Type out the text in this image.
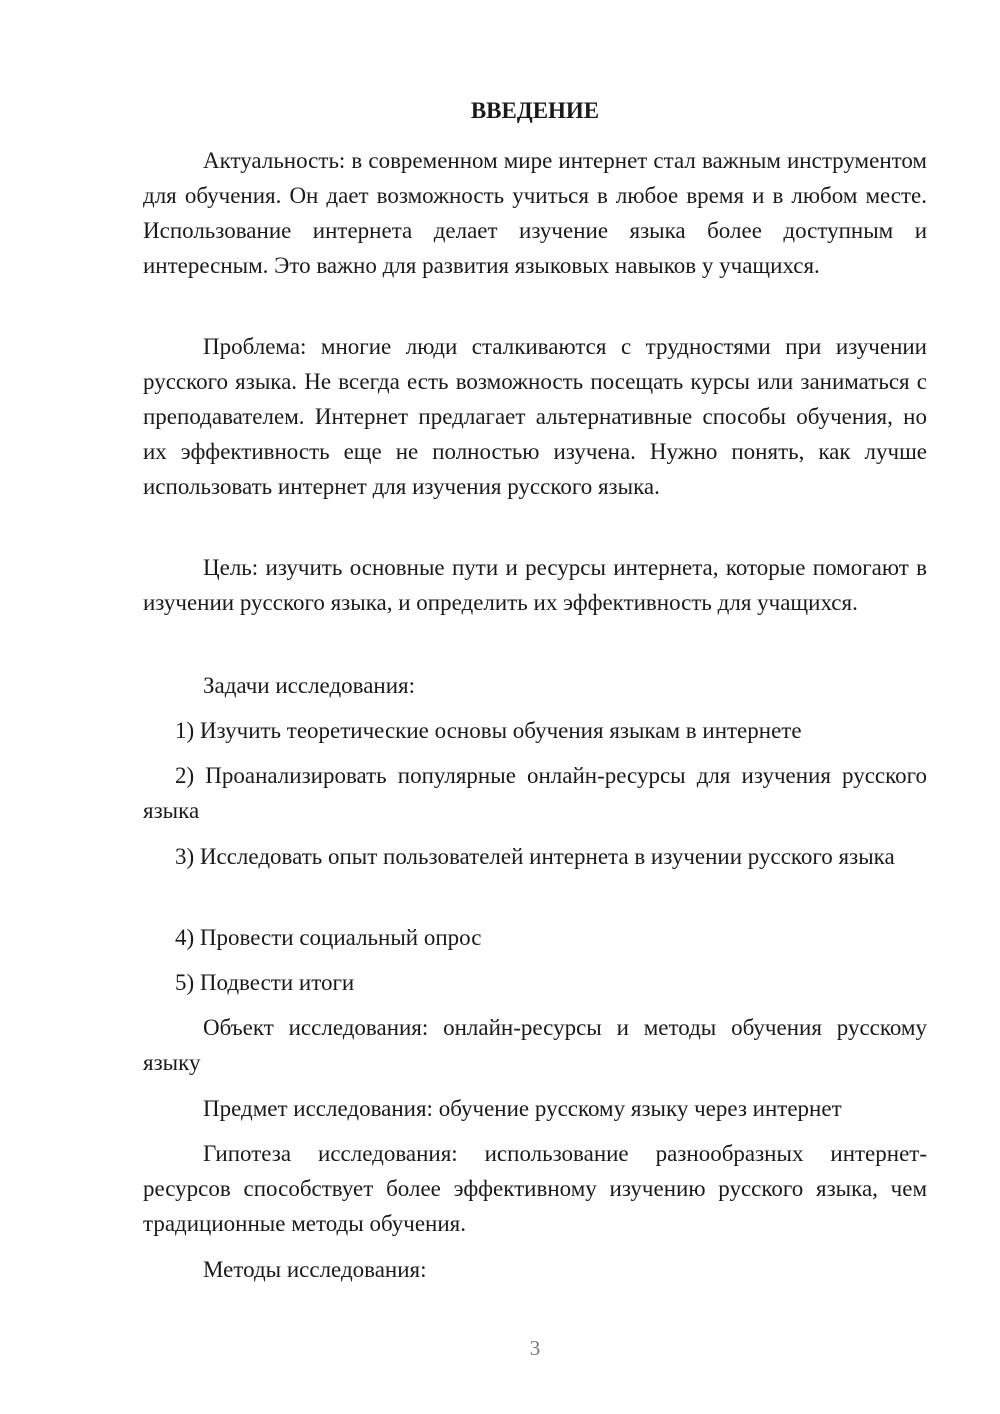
ВВЕДЕНИЕ

Актуальность: в современном мире интернет стал важным инструментом для обучения. Он дает возможность учиться в любое время и в любом месте. Использование интернета делает изучение языка более доступным и интересным. Это важно для развития языковых навыков у учащихся.

Проблема: многие люди сталкиваются с трудностями при изучении русского языка. Не всегда есть возможность посещать курсы или заниматься с преподавателем. Интернет предлагает альтернативные способы обучения, но их эффективность еще не полностью изучена. Нужно понять, как лучше использовать интернет для изучения русского языка.

Цель: изучить основные пути и ресурсы интернета, которые помогают в изучении русского языка, и определить их эффективность для учащихся.

Задачи исследования:

1) Изучить теоретические основы обучения языкам в интернете

2) Проанализировать популярные онлайн-ресурсы для изучения русского языка

3) Исследовать опыт пользователей интернета в изучении русского языка

4) Провести социальный опрос

5) Подвести итоги

Объект исследования: онлайн-ресурсы и методы обучения русскому языку

Предмет исследования: обучение русскому языку через интернет

Гипотеза исследования: использование разнообразных интернет-ресурсов способствует более эффективному изучению русского языка, чем традиционные методы обучения.

Методы исследования:

3
